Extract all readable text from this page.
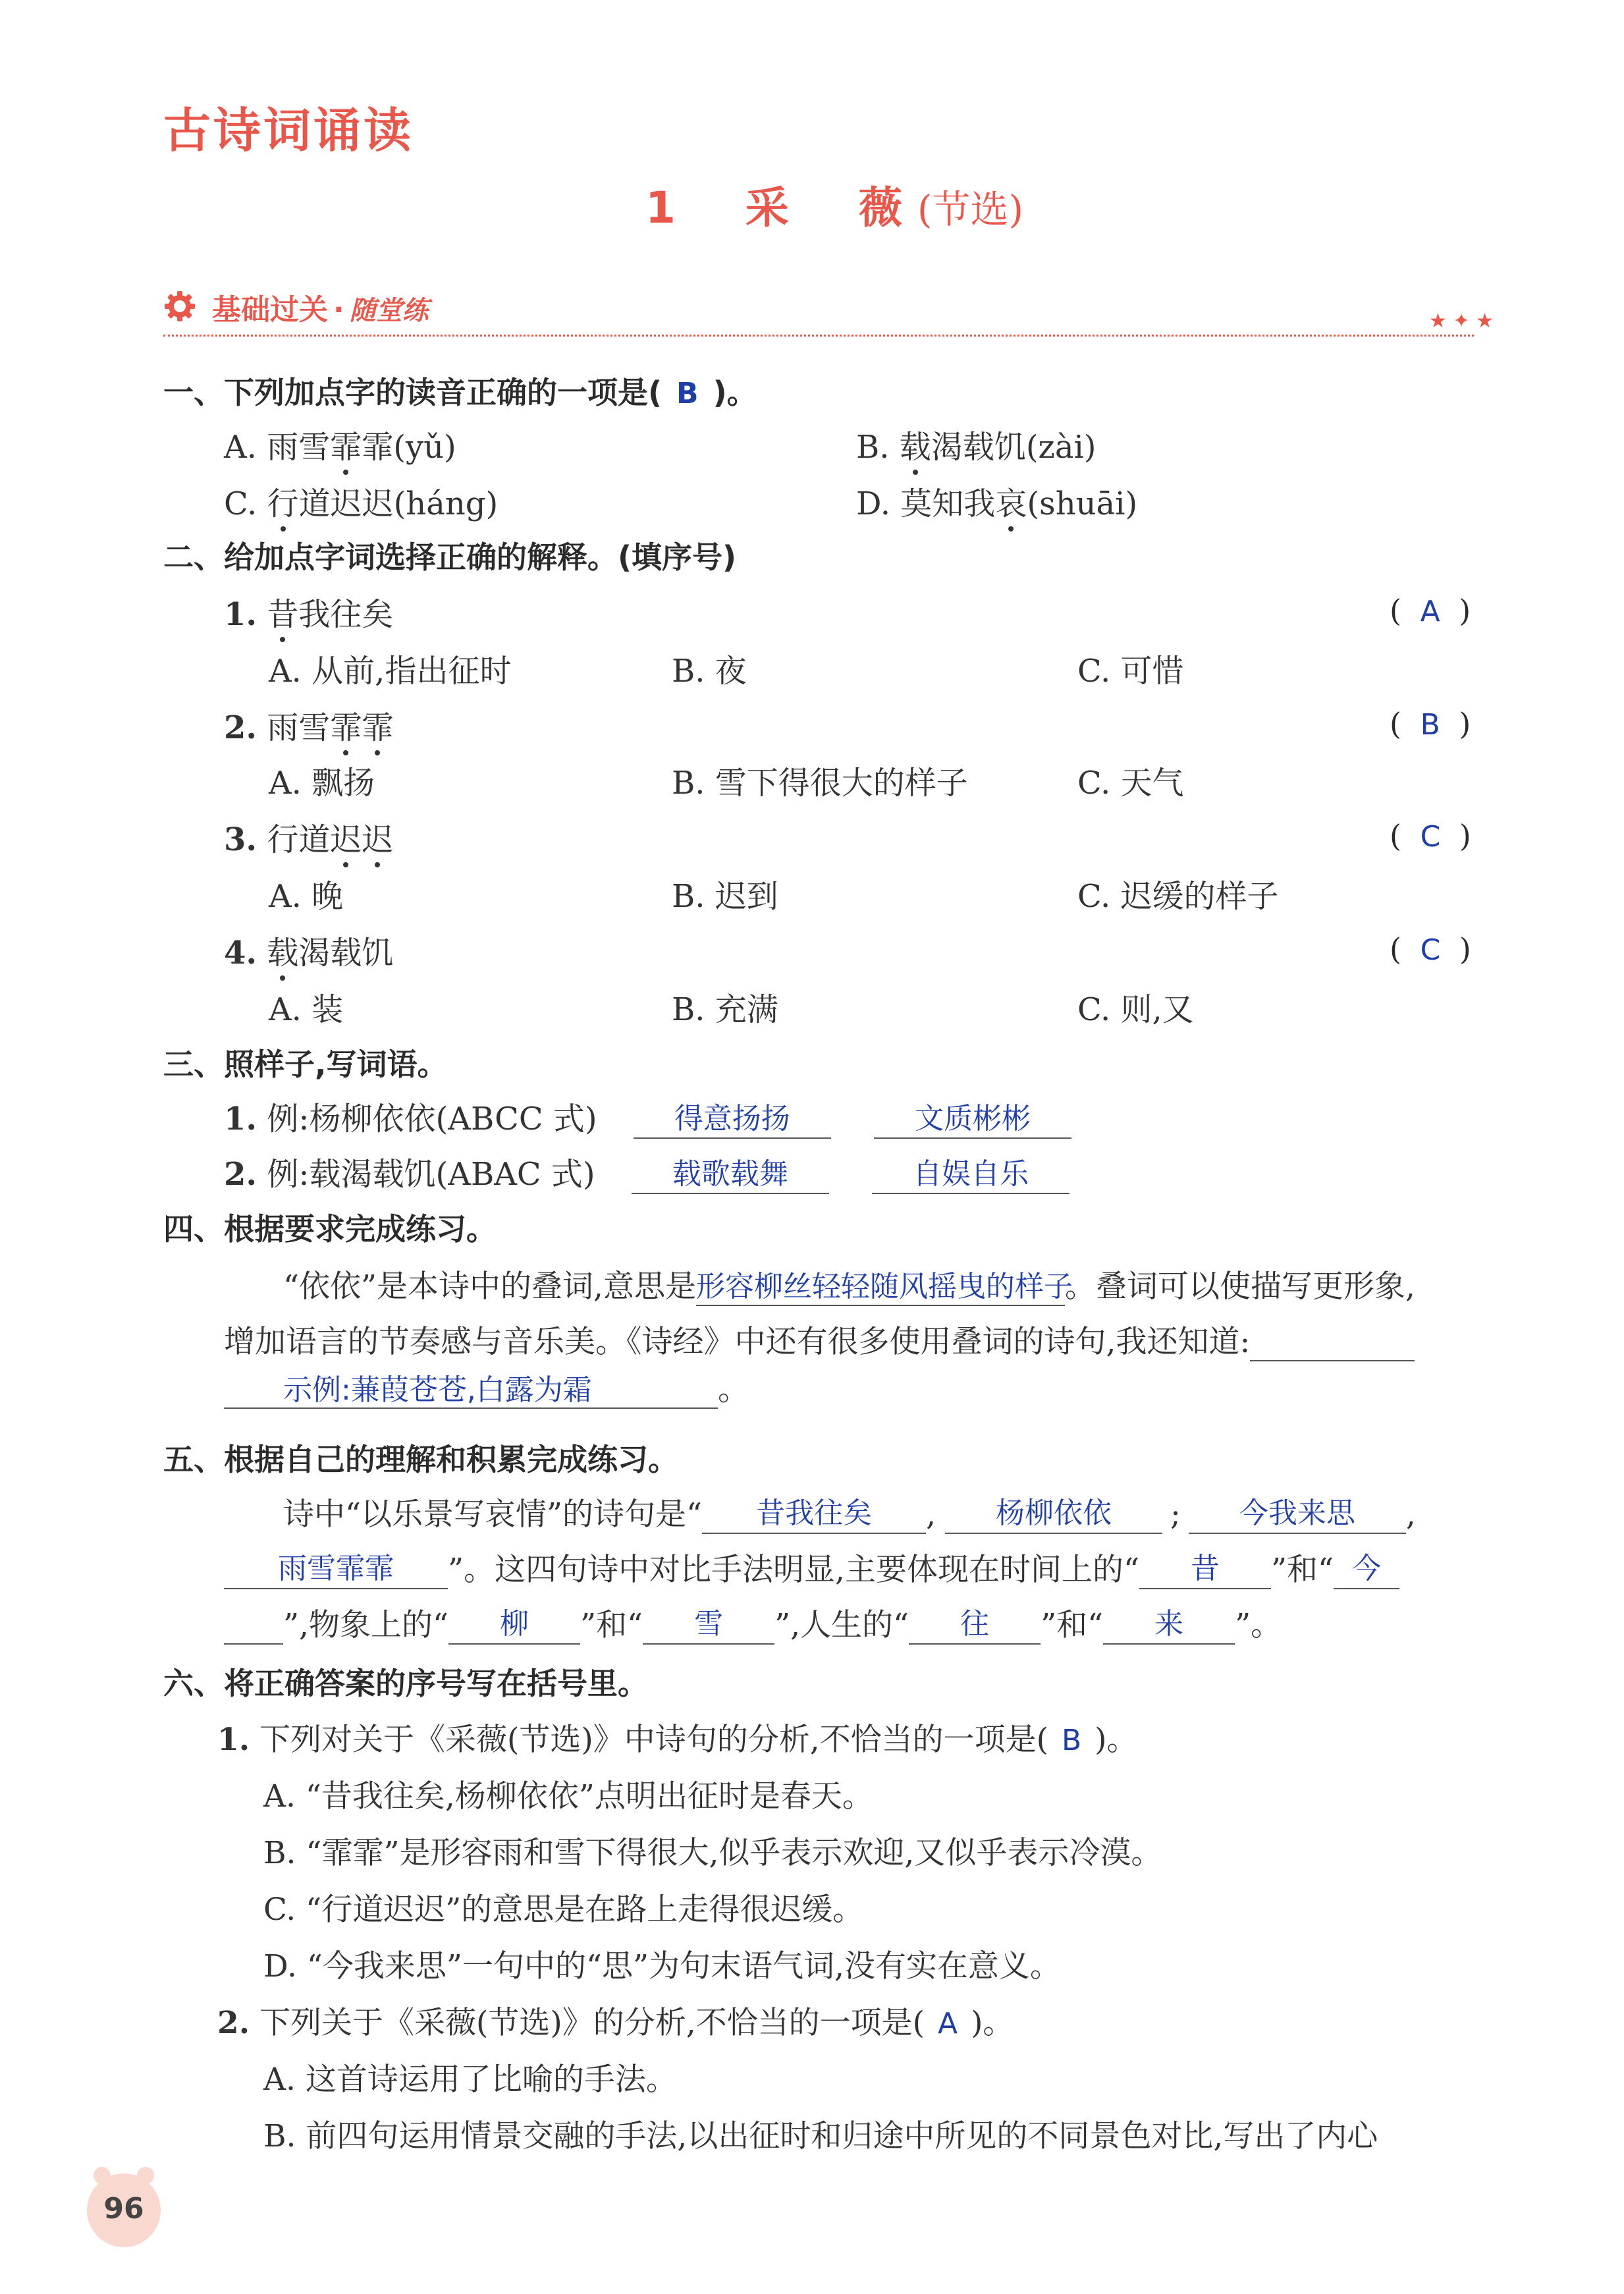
古诗词诵读
1 采 薇 (节选)
基础过关 · 随堂练	★ ✦ ★
一、下列加点字的读音正确的一项是( B )。
A. 雨雪霏霏(yǔ)	B. 载渴载饥(zài)
C. 行道迟迟(háng)	D. 莫知我哀(shuāi)
二、给加点字词选择正确的解释。(填序号)
1. 昔我往矣	( A )
A. 从前,指出征时	B. 夜	C. 可惜
2. 雨雪霏霏	( B )
A. 飘扬	B. 雪下得很大的样子	C. 天气
3. 行道迟迟	( C )
A. 晚	B. 迟到	C. 迟缓的样子
4. 载渴载饥	( C )
A. 装	B. 充满	C. 则,又
三、照样子,写词语。
1. 例:杨柳依依(ABCC 式)	得意扬扬	文质彬彬
2. 例:载渴载饥(ABAC 式)	载歌载舞	自娱自乐
四、根据要求完成练习。
“依依”是本诗中的叠词,意思是形容柳丝轻轻随风摇曳的样子。叠词可以使描写更形象,
增加语言的节奏感与音乐美。《诗经》中还有很多使用叠词的诗句,我还知道:
示例:蒹葭苍苍,白露为霜	。
五、根据自己的理解和积累完成练习。
诗中“以乐景写哀情”的诗句是“ 昔我往矣 , 杨柳依依 ; 今我来思 ,
雨雪霏霏 ”。这四句诗中对比手法明显,主要体现在时间上的“ 昔 ”和“ 今
”,物象上的“ 柳 ”和“ 雪 ”,人生的“ 往 ”和“ 来 ”。
六、将正确答案的序号写在括号里。
1. 下列对关于《采薇(节选)》中诗句的分析,不恰当的一项是( B )。
A. “昔我往矣,杨柳依依”点明出征时是春天。
B. “霏霏”是形容雨和雪下得很大,似乎表示欢迎,又似乎表示冷漠。
C. “行道迟迟”的意思是在路上走得很迟缓。
D. “今我来思”一句中的“思”为句末语气词,没有实在意义。
2. 下列关于《采薇(节选)》的分析,不恰当的一项是( A )。
A. 这首诗运用了比喻的手法。
B. 前四句运用情景交融的手法,以出征时和归途中所见的不同景色对比,写出了内心
96
